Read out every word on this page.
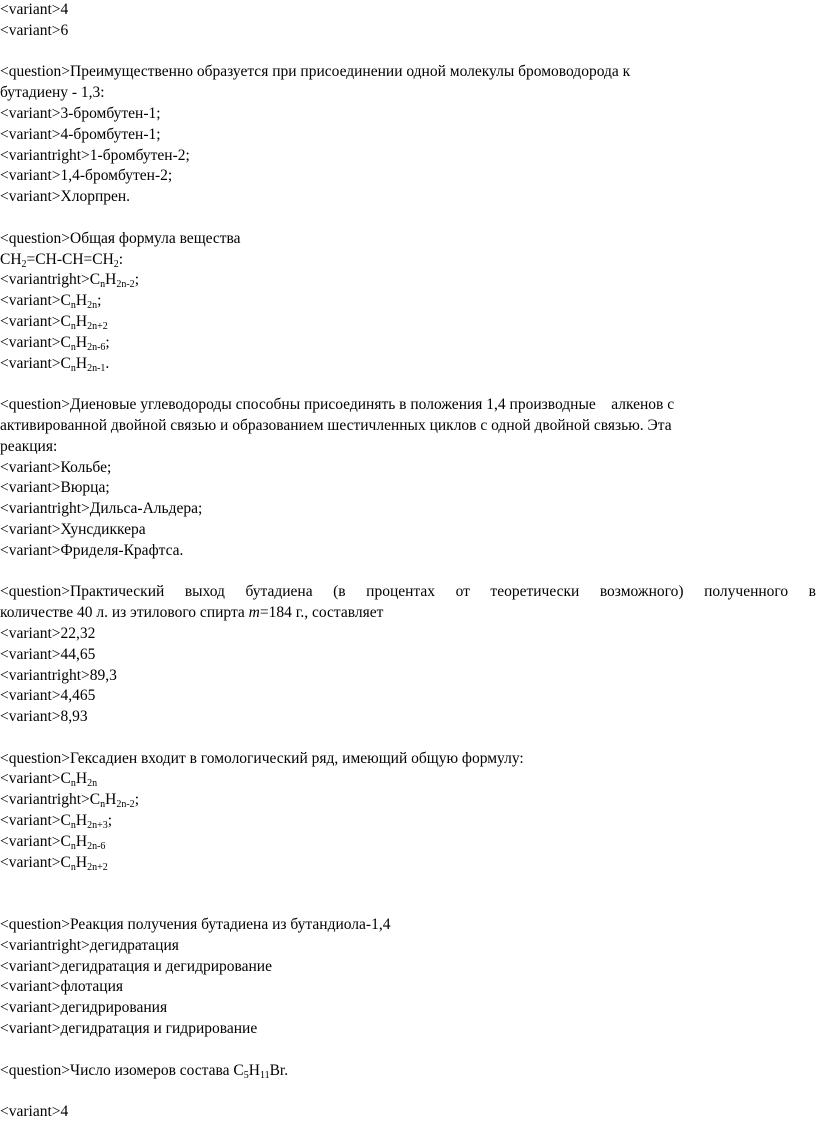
<variant>4
<variant>6
<question>Преимущественно образуется при присоединении одной молекулы бромоводорода к
бутадиену - 1,3:
<variant>3-бромбутен-1;
<variant>4-бромбутен-1;
<variantright>1-бромбутен-2;
<variant>1,4-бромбутен-2;
<variant>Хлорпрен.
<question>Общая формула вещества
$CH_2=CH-CH=CH_2$:
$<variantright>C_nH_{2n-2}$;
$<variant>C_nH_{2n}$;
$<variant>C_nH_{2n+2}$
$<variant>C_nH_{2n-6}$;
$<variant>C_nH_{2n-1}$.
<question>Диеновые углеводороды способны присоединять в положения 1,4 производные    алкенов с
активированной двойной связью и образованием шестичленных циклов с одной двойной связью. Эта
реакция:
<variant>Кольбе;
<variant>Вюрца;
<variantright>Дильса-Альдера;
<variant>Хунсдиккера
<variant>Фриделя-Крафтса.
<question>Практический выход бутадиена (в процентах от теоретически возможного) полученного в
количестве 40 л. из этилового спирта m=184 г., составляет
<variant>22,32
<variant>44,65
<variantright>89,3
<variant>4,465
<variant>8,93
<question>Гексадиен входит в гомологический ряд, имеющий общую формулу:
$<variant>C_nH_{2n}$
$<variantright>C_nH_{2n-2}$;
$<variant>C_nH_{2n+3}$;
$<variant>C_nH_{2n-6}$
$<variant>C_nH_{2n+2}$
<question>Реакция получения бутадиена из бутандиола-1,4
<variantright>дегидратация
<variant>дегидратация и дегидрирование
<variant>флотация
<variant>дегидрирования
<variant>дегидратация и гидрирование
<question>Число изомеров состава $C_5H_{11}Br$.
<variant>4
